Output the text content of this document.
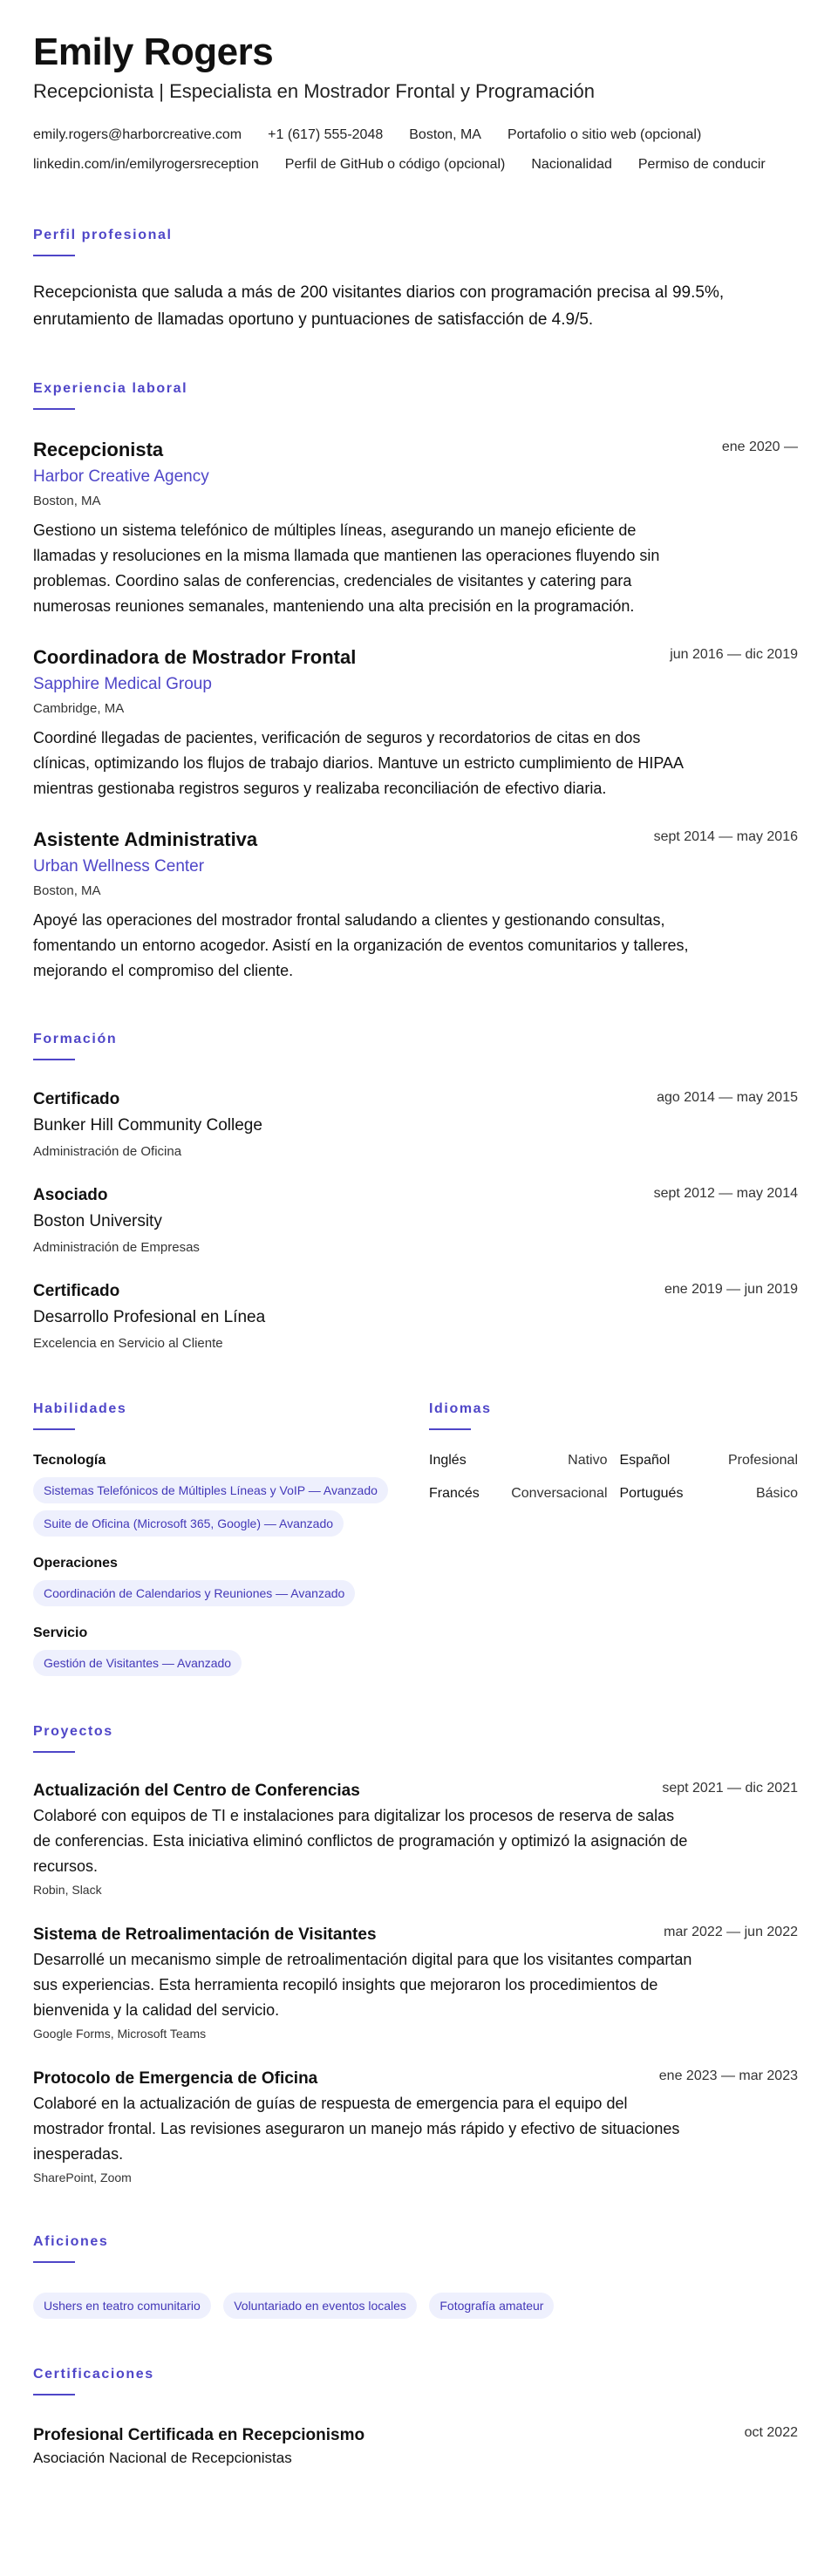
Emily Rogers
Recepcionista | Especialista en Mostrador Frontal y Programación
emily.rogers@harborcreative.com +1 (617) 555-2048 Boston, MA Portafolio o sitio web (opcional)
linkedin.com/in/emilyrogersreception Perfil de GitHub o código (opcional) Nacionalidad Permiso de conducir
Perfil profesional
Recepcionista que saluda a más de 200 visitantes diarios con programación precisa al 99.5%, enrutamiento de llamadas oportuno y puntuaciones de satisfacción de 4.9/5.
Experiencia laboral
ene 2020 —
Recepcionista
Harbor Creative Agency
Boston, MA
Gestiono un sistema telefónico de múltiples líneas, asegurando un manejo eficiente de llamadas y resoluciones en la misma llamada que mantienen las operaciones fluyendo sin problemas. Coordino salas de conferencias, credenciales de visitantes y catering para numerosas reuniones semanales, manteniendo una alta precisión en la programación.
jun 2016 — dic 2019
Coordinadora de Mostrador Frontal
Sapphire Medical Group
Cambridge, MA
Coordiné llegadas de pacientes, verificación de seguros y recordatorios de citas en dos clínicas, optimizando los flujos de trabajo diarios. Mantuve un estricto cumplimiento de HIPAA mientras gestionaba registros seguros y realizaba reconciliación de efectivo diaria.
sept 2014 — may 2016
Asistente Administrativa
Urban Wellness Center
Boston, MA
Apoyé las operaciones del mostrador frontal saludando a clientes y gestionando consultas, fomentando un entorno acogedor. Asistí en la organización de eventos comunitarios y talleres, mejorando el compromiso del cliente.
Formación
ago 2014 — may 2015
Certificado
Bunker Hill Community College
Administración de Oficina
sept 2012 — may 2014
Asociado
Boston University
Administración de Empresas
ene 2019 — jun 2019
Certificado
Desarrollo Profesional en Línea
Excelencia en Servicio al Cliente
Habilidades
Tecnología
Sistemas Telefónicos de Múltiples Líneas y VoIP — Avanzado
Suite de Oficina (Microsoft 365, Google) — Avanzado
Operaciones
Coordinación de Calendarios y Reuniones — Avanzado
Servicio
Gestión de Visitantes — Avanzado
Idiomas
Inglés	Nativo Español	Profesional
Francés Conversacional Portugués	Básico
Proyectos
sept 2021 — dic 2021
Actualización del Centro de Conferencias
Colaboré con equipos de TI e instalaciones para digitalizar los procesos de reserva de salas de conferencias. Esta iniciativa eliminó conflictos de programación y optimizó la asignación de recursos.
Robin, Slack
mar 2022 — jun 2022
Sistema de Retroalimentación de Visitantes
Desarrollé un mecanismo simple de retroalimentación digital para que los visitantes compartan sus experiencias. Esta herramienta recopiló insights que mejoraron los procedimientos de bienvenida y la calidad del servicio.
Google Forms, Microsoft Teams
ene 2023 — mar 2023
Protocolo de Emergencia de Oficina
Colaboré en la actualización de guías de respuesta de emergencia para el equipo del mostrador frontal. Las revisiones aseguraron un manejo más rápido y efectivo de situaciones inesperadas.
SharePoint, Zoom
Aficiones
Ushers en teatro comunitario	Voluntariado en eventos locales	Fotografía amateur
Certificaciones
oct 2022
Profesional Certificada en Recepcionismo
Asociación Nacional de Recepcionistas
